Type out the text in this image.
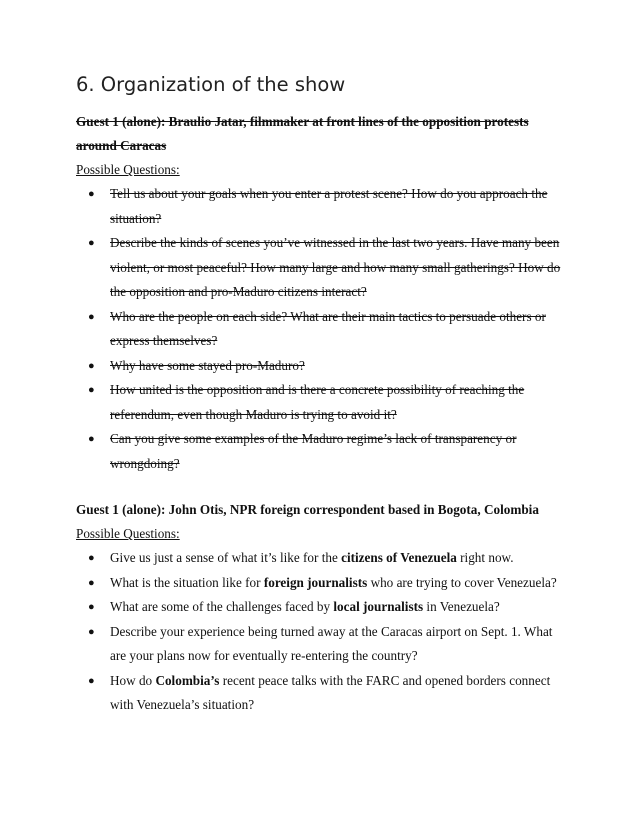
6. Organization of the show

Guest 1 (alone): Braulio Jatar, filmmaker at front lines of the opposition protests around Caracas

Possible Questions:

● Tell us about your goals when you enter a protest scene? How do you approach the situation?
● Describe the kinds of scenes you’ve witnessed in the last two years. Have many been violent, or most peaceful? How many large and how many small gatherings? How do the opposition and pro-Maduro citizens interact?
● Who are the people on each side? What are their main tactics to persuade others or express themselves?
● Why have some stayed pro-Maduro?
● How united is the opposition and is there a concrete possibility of reaching the referendum, even though Maduro is trying to avoid it?
● Can you give some examples of the Maduro regime’s lack of transparency or wrongdoing?

Guest 1 (alone): John Otis, NPR foreign correspondent based in Bogota, Colombia

Possible Questions:

● Give us just a sense of what it’s like for the citizens of Venezuela right now.
● What is the situation like for foreign journalists who are trying to cover Venezuela?
● What are some of the challenges faced by local journalists in Venezuela?
● Describe your experience being turned away at the Caracas airport on Sept. 1. What are your plans now for eventually re-entering the country?
● How do Colombia’s recent peace talks with the FARC and opened borders connect with Venezuela’s situation?
